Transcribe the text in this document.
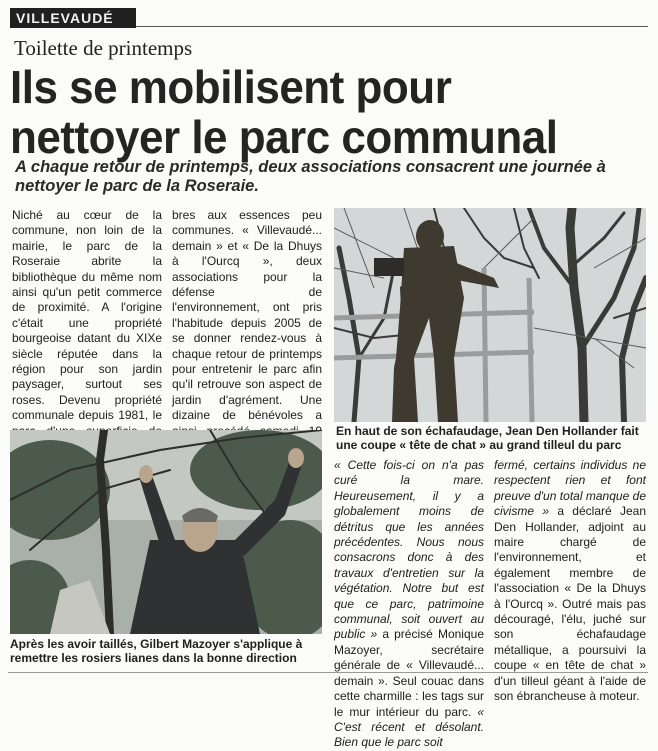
VILLEVAUDÉ
Toilette de printemps
Ils se mobilisent pour
nettoyer le parc communal
A chaque retour de printemps, deux associations consacrent une journée à nettoyer le parc de la Roseraie.
Niché au cœur de la commune, non loin de la mairie, le parc de la Roseraie abrite la bibliothèque du même nom ainsi qu'un petit commerce de proximité. A l'origine c'était une propriété bourgeoise datant du XIXe siècle réputée dans la région pour son jardin paysager, surtout ses roses. Devenu propriété communale depuis 1981, le
bres aux essences peu communes. « Villevaudé... demain » et « De la Dhuys à l'Ourcq », deux associations pour la défense de l'environnement, ont pris l'habitude depuis 2005 de se donner rendez-vous à chaque retour de printemps pour entretenir le parc afin qu'il retrouve son aspect de jardin d'agrément. Une dizaine de bénévoles a
« Cette fois-ci on n'a pas curé la mare. Heureusement, il y a globalement moins de détritus que les années précédentes. Nous nous consacrons donc à des travaux d'entretien sur la végétation. Notre but est que ce parc, patrimoine communal, soit ouvert au public » a précisé Monique Mazoyer, secrétaire générale de « Villevaudé... demain ». Seul couac dans cette charmille : les tags sur le mur intérieur du parc. « C'est récent et désolant. Bien que le parc soit
fermé, certains individus ne respectent rien et font preuve d'un total manque de civisme » a déclaré Jean Den Hollander, adjoint au maire chargé de l'environnement, et également membre de l'association « De la Dhuys à l'Ourcq ». Outré mais pas découragé, l'élu, juché sur son échafaudage métallique, a poursuivi la coupe « en tête de chat » d'un tilleul géant à l'aide de son ébrancheuse à moteur.
En haut de son échafaudage, Jean Den Hollander fait une coupe « tête de chat » au grand tilleul du parc
Après les avoir taillés, Gilbert Mazoyer s'applique à remettre les rosiers lianes dans la bonne direction
